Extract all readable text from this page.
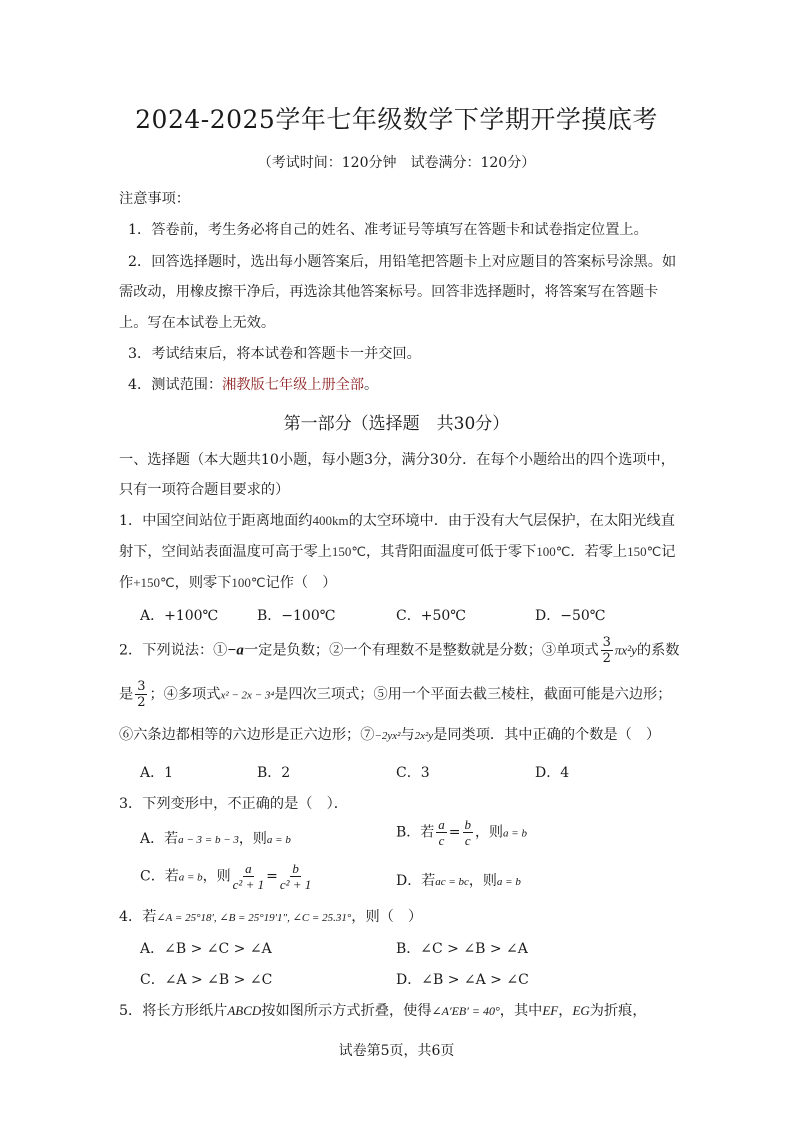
2024-2025学年七年级数学下学期开学摸底考
（考试时间：120分钟　试卷满分：120分）
注意事项：
1．答卷前，考生务必将自己的姓名、准考证号等填写在答题卡和试卷指定位置上。
2．回答选择题时，选出每小题答案后，用铅笔把答题卡上对应题目的答案标号涂黑。如
需改动，用橡皮擦干净后，再选涂其他答案标号。回答非选择题时，将答案写在答题卡
上。写在本试卷上无效。
3．考试结束后，将本试卷和答题卡一并交回。
4．测试范围：湘教版七年级上册全部。
第一部分（选择题　共30分）
一、选择题（本大题共10小题，每小题3分，满分30分．在每个小题给出的四个选项中，
只有一项符合题目要求的）
1．中国空间站位于距离地面约400km的太空环境中．由于没有大气层保护，在太阳光线直
射下，空间站表面温度可高于零上150℃，其背阳面温度可低于零下100℃．若零上150℃记
作+150℃，则零下100℃记作（　）
A．+100℃	B．−100℃	C．+50℃	D．−50℃
2．下列说法：①−a一定是负数；②一个有理数不是整数就是分数；③单项式 $\frac{3}{2} \pi x^2y$的系数
是 $\frac{3}{2}$ ；④多项式x² − 2x − 3⁴是四次三项式；⑤用一个平面去截三棱柱，截面可能是六边形；
⑥六条边都相等的六边形是正六边形；⑦−2yx²与2x²y是同类项．其中正确的个数是（　）
A．1	B．2	C．3	D．4
3．下列变形中，不正确的是（　）．
A．若a − 3 = b − 3，则a = b	B．若 $\frac{a}{c} = \frac{b}{c}$ ，则a = b
C．若a = b，则 $\frac{a}{\text{c² + 1}} = \frac{b}{\text{c² + 1}}$	D．若ac = bc，则a = b
4．若∠A = 25°18′, ∠B = 25°19′1″, ∠C = 25.31°，则（　）
A．∠B > ∠C > ∠A	B．∠C > ∠B > ∠A
C．∠A > ∠B > ∠C	D．∠B > ∠A > ∠C
5．将长方形纸片ABCD按如图所示方式折叠，使得∠A′EB′ = 40°，其中EF，EG为折痕，
试卷第5页，共6页
